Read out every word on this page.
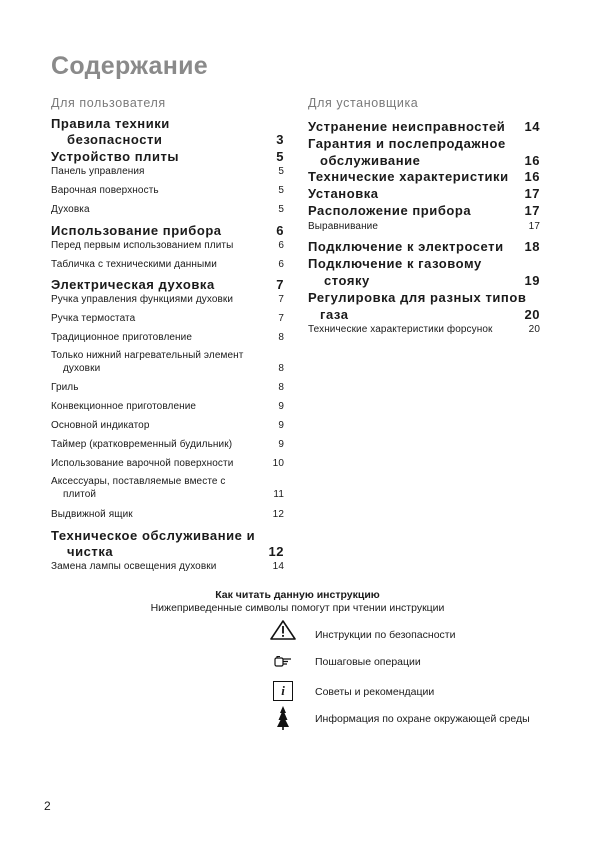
Содержание
Для пользователя
Правила техники
безопасности	3
Устройство плиты	5
Панель управления	5
Варочная поверхность	5
Духовка	5
Использование прибора	6
Перед первым использованием плиты	6
Табличка с техническими данными	6
Электрическая духовка	7
Ручка управления функциями духовки	7
Ручка термостата	7
Традиционное приготовление	8
Только нижний нагревательный элемент
духовки	8
Гриль	8
Конвекционное приготовление	9
Основной индикатор	9
Таймер (кратковременный будильник)	9
Использование варочной поверхности	10
Аксессуары, поставляемые вместе с
плитой	11
Выдвижной ящик	12
Техническое обслуживание и
чистка	12
Замена лампы освещения духовки	14
Для установщика
Устранение неисправностей 14
Гарантия и послепродажное
обслуживание	16
Технические характеристики 16
Установка	17
Расположение прибора	17
Выравнивание	17
Подключение к электросети 18
Подключение к газовому
стояку	19
Регулировка для разных типов
газа	20
Технические характеристики форсунок	20
Как читать данную инструкцию
Нижеприведенные символы помогут при чтении инструкции
Инструкции по безопасности
Пошаговые операции
i	Советы и рекомендации
Информация по охране окружающей среды
2
